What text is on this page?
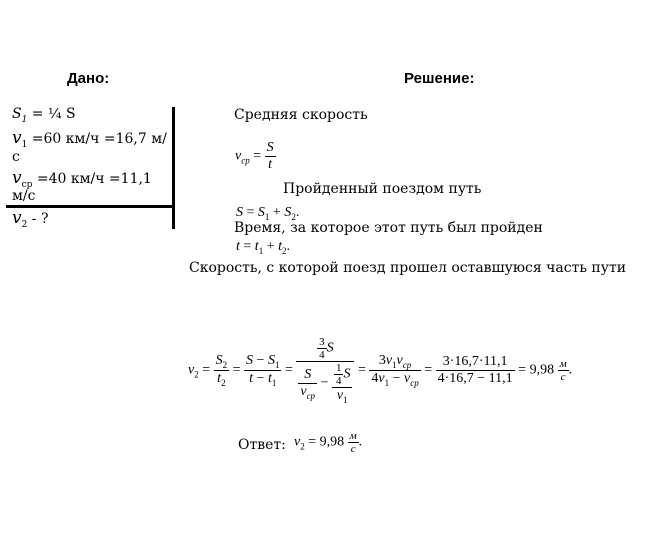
Дано:	Решение:
$S_1$ = ¼ S
$v_1 =60$ км/ч =16,7 м/
с
$v_{ср} =40$ км/ч =11,1
м/с
$v_2$ - ?
Средняя скорость
$v_{ср} = \frac{S}{t}$
Пройденный поездом путь
$S = S_1 + S_2$.
Время, за которое этот путь был пройден
$t = t_1 + t_2$.
Скорость, с которой поезд прошел оставшуюся часть пути
$v_2 = \frac{S_2}{t_2} = \frac{S - S_1}{t - t_1} = \frac{\frac{3}{4} S}{\frac{S}{v_{ср}} - \frac{\frac{1}{4} S}{v_1}} = \frac{3v_1v_{ср}}{4v_1 - v_{ср}} = \frac{3\cdot 16,7\cdot 11,1}{4\cdot 16,7 - 11,1} = 9,98 \frac{м}{с}$ .
Ответ: $v_2 = 9,98 \frac{м}{с}$ .
